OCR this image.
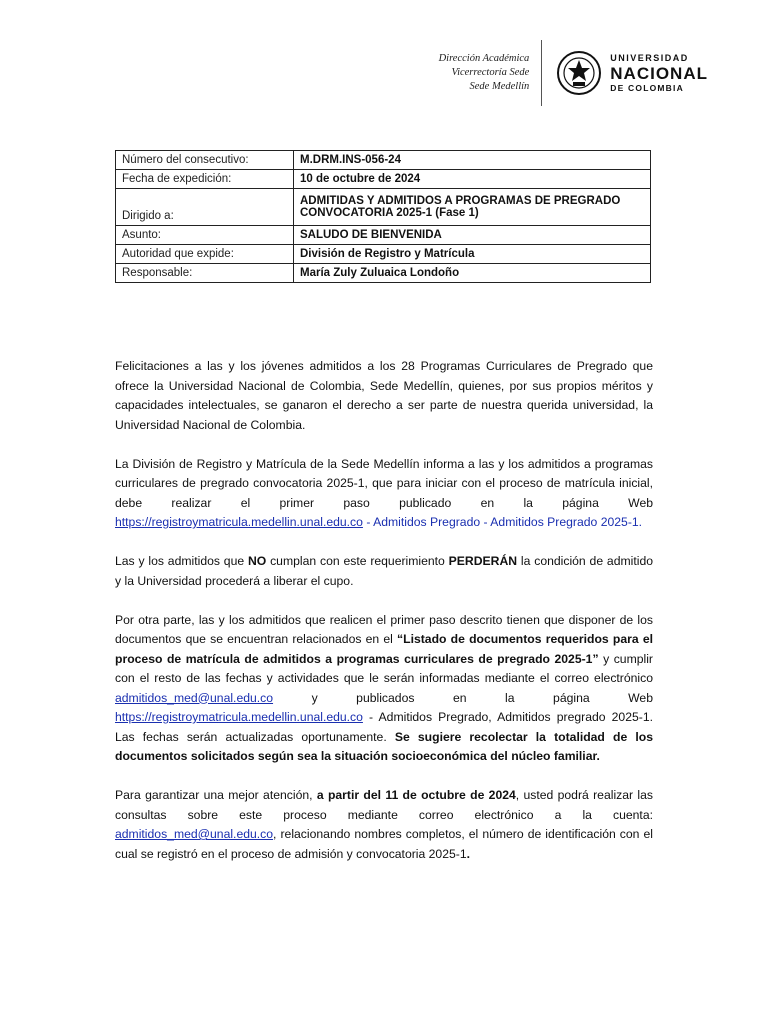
Dirección Académica
Vicerrectoría Sede
Sede Medellín
UNIVERSIDAD
NACIONAL
DE COLOMBIA
Número del consecutivo:	M.DRM.INS-056-24
Fecha de expedición:	10 de octubre de 2024
Dirigido a:	ADMITIDAS Y ADMITIDOS A PROGRAMAS DE PREGRADO
CONVOCATORIA 2025-1 (Fase 1)

Asunto:	SALUDO DE BIENVENIDA
Autoridad que expide:	División de Registro y Matrícula
Responsable:	María Zuly Zuluaica Londoño

Felicitaciones a las y los jóvenes admitidos a los 28 Programas Curriculares de Pregrado que ofrece la Universidad Nacional de Colombia, Sede Medellín, quienes, por sus propios méritos y capacidades intelectuales, se ganaron el derecho a ser parte de nuestra querida universidad, la Universidad Nacional de Colombia.

La División de Registro y Matrícula de la Sede Medellín informa a las y los admitidos a programas curriculares de pregrado convocatoria 2025-1, que para iniciar con el proceso de matrícula inicial, debe realizar el primer paso publicado en la página Web https://registroymatricula.medellin.unal.edu.co - Admitidos Pregrado - Admitidos Pregrado 2025-1.

Las y los admitidos que NO cumplan con este requerimiento PERDERÁN la condición de admitido y la Universidad procederá a liberar el cupo.

Por otra parte, las y los admitidos que realicen el primer paso descrito tienen que disponer de los documentos que se encuentran relacionados en el “Listado de documentos requeridos para el proceso de matrícula de admitidos a programas curriculares de pregrado 2025-1” y cumplir con el resto de las fechas y actividades que le serán informadas mediante el correo electrónico admitidos_med@unal.edu.co y publicados en la página Web https://registroymatricula.medellin.unal.edu.co - Admitidos Pregrado, Admitidos pregrado 2025-1. Las fechas serán actualizadas oportunamente. Se sugiere recolectar la totalidad de los documentos solicitados según sea la situación socioeconómica del núcleo familiar.

Para garantizar una mejor atención, a partir del 11 de octubre de 2024, usted podrá realizar las consultas sobre este proceso mediante correo electrónico a la cuenta: admitidos_med@unal.edu.co, relacionando nombres completos, el número de identificación con el cual se registró en el proceso de admisión y convocatoria 2025-1.
